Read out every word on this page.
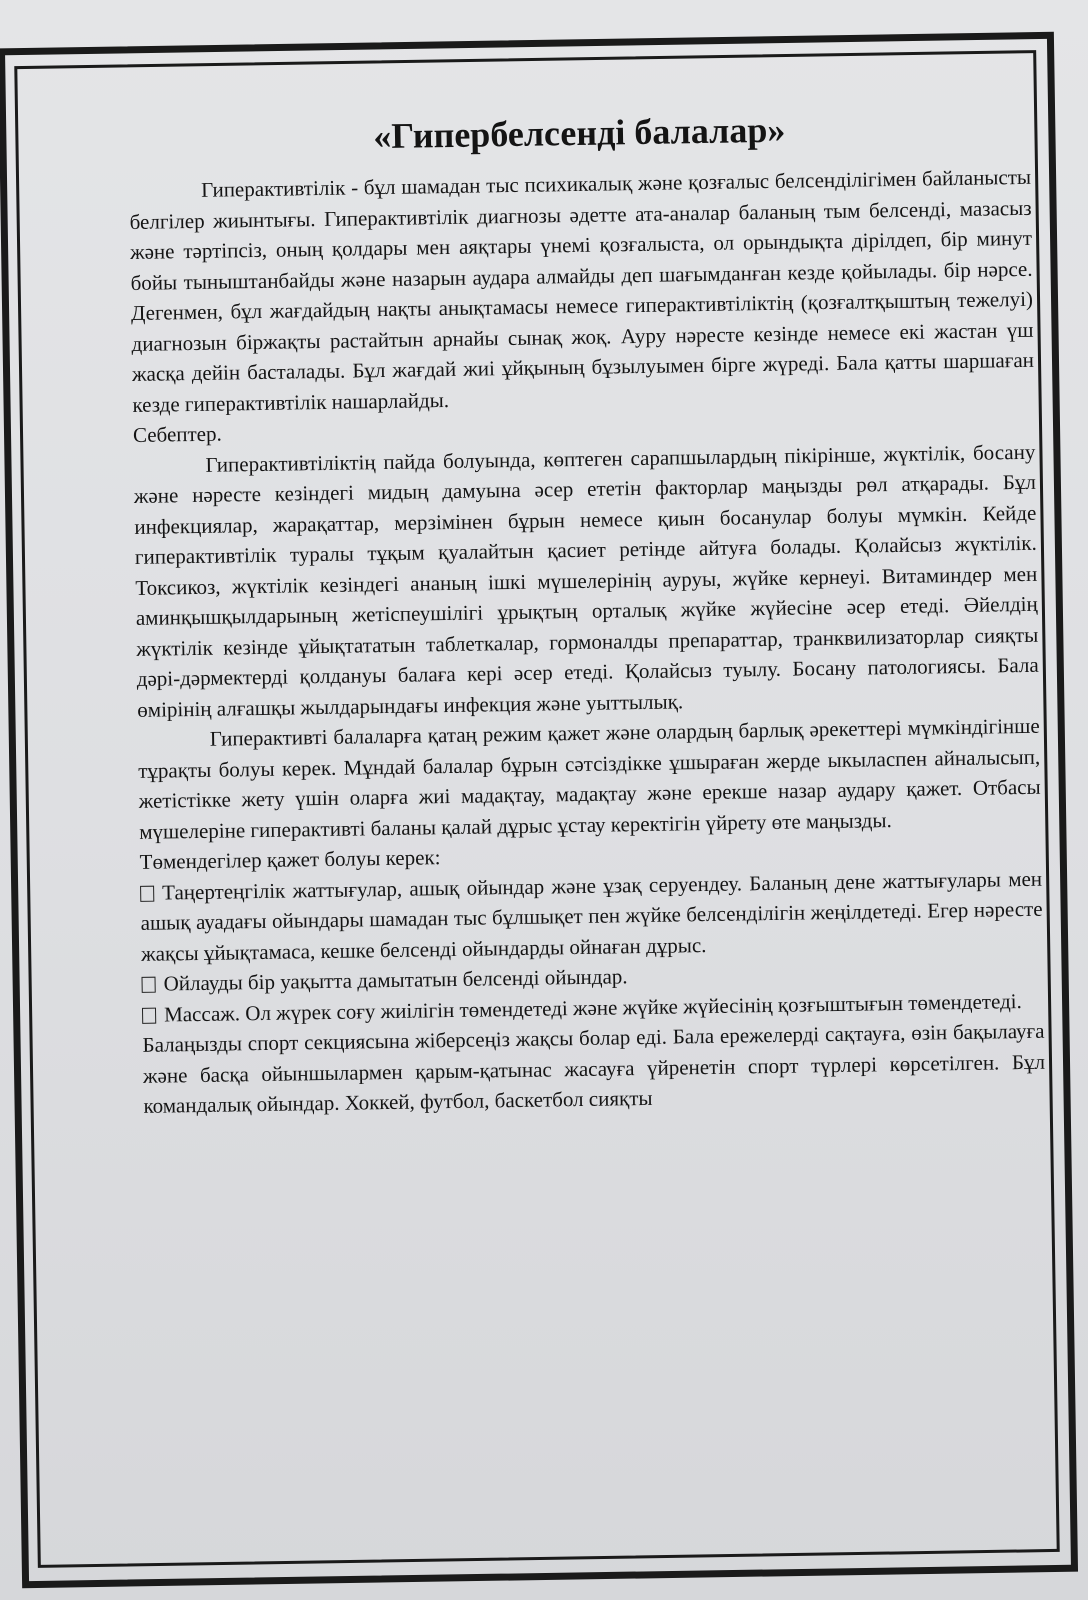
«Гипербелсенді балалар»

Гиперактивтілік - бұл шамадан тыс психикалық және қозғалыс белсенділігімен байланысты белгілер жиынтығы. Гиперактивтілік диагнозы әдетте ата-аналар баланың тым белсенді, мазасыз және тәртіпсіз, оның қолдары мен аяқтары үнемі қозғалыста, ол орындықта дірілдеп, бір минут бойы тыныштанбайды және назарын аудара алмайды деп шағымданған кезде қойылады. бір нәрсе. Дегенмен, бұл жағдайдың нақты анықтамасы немесе гиперактивтіліктің (қозғалтқыштың тежелуі) диагнозын біржақты растайтын арнайы сынақ жоқ. Ауру нәресте кезінде немесе екі жастан үш жасқа дейін басталады. Бұл жағдай жиі ұйқының бұзылуымен бірге жүреді. Бала қатты шаршаған кезде гиперактивтілік нашарлайды.

Себептер.

Гиперактивтіліктің пайда болуында, көптеген сарапшылардың пікірінше, жүктілік, босану және нәресте кезіндегі мидың дамуына әсер ететін факторлар маңызды рөл атқарады. Бұл инфекциялар, жарақаттар, мерзімінен бұрын немесе қиын босанулар болуы мүмкін. Кейде гиперактивтілік туралы тұқым қуалайтын қасиет ретінде айтуға болады. Қолайсыз жүктілік. Токсикоз, жүктілік кезіндегі ананың ішкі мүшелерінің ауруы, жүйке кернеуі. Витаминдер мен аминқышқылдарының жетіспеушілігі ұрықтың орталық жүйке жүйесіне әсер етеді. Әйелдің жүктілік кезінде ұйықтататын таблеткалар, гормоналды препараттар, транквилизаторлар сияқты дәрі-дәрмектерді қолдануы балаға кері әсер етеді. Қолайсыз туылу. Босану патологиясы. Бала өмірінің алғашқы жылдарындағы инфекция және уыттылық.

Гиперактивті балаларға қатаң режим қажет және олардың барлық әрекеттері мүмкіндігінше тұрақты болуы керек. Мұндай балалар бұрын сәтсіздікке ұшыраған жерде ыкыласпен айналысып, жетістікке жету үшін оларға жиі мадақтау, мадақтау және ерекше назар аудару қажет. Отбасы мүшелеріне гиперактивті баланы қалай дұрыс ұстау керектігін үйрету өте маңызды.

Төмендегілер қажет болуы керек:

Таңертеңгілік жаттығулар, ашық ойындар және ұзақ серуендеу. Баланың дене жаттығулары мен ашық ауадағы ойындары шамадан тыс бұлшықет пен жүйке белсенділігін жеңілдетеді. Егер нәресте жақсы ұйықтамаса, кешке белсенді ойындарды ойнаған дұрыс.

Ойлауды бір уақытта дамытатын белсенді ойындар.

Массаж. Ол жүрек соғу жиілігін төмендетеді және жүйке жүйесінің қозғыштығын төмендетеді.

Балаңызды спорт секциясына жіберсеңіз жақсы болар еді. Бала ережелерді сақтауға, өзін бақылауға және басқа ойыншылармен қарым-қатынас жасауға үйренетін спорт түрлері көрсетілген. Бұл командалық ойындар. Хоккей, футбол, баскетбол сияқты
